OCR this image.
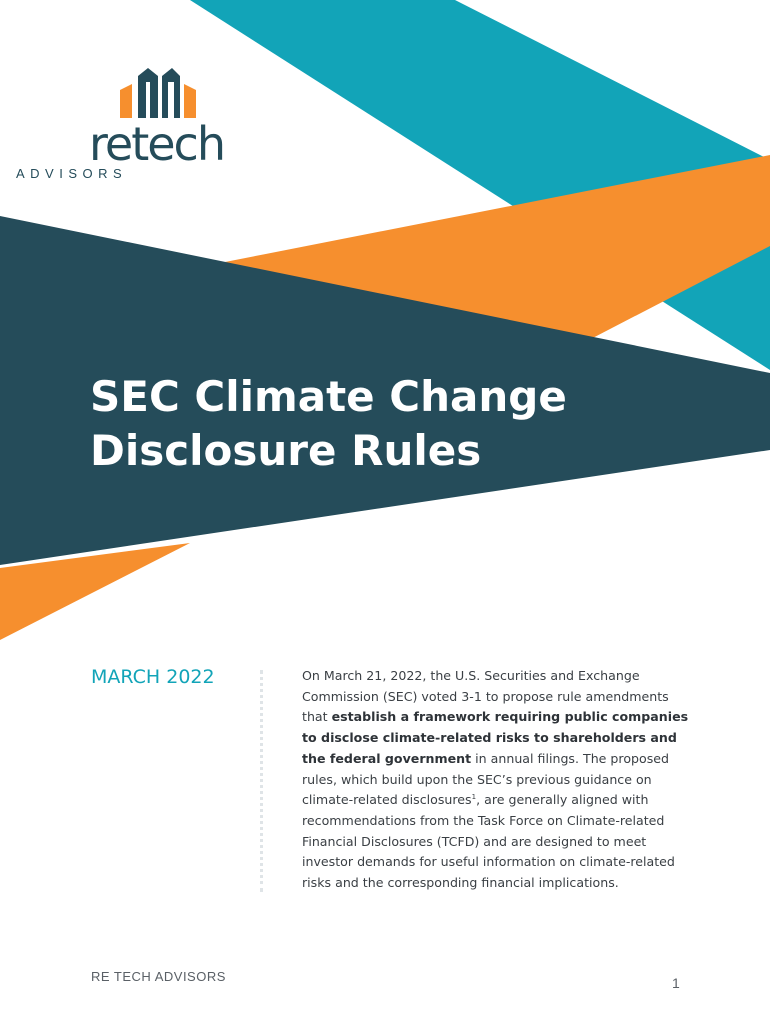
retech
ADVISORS
SEC Climate Change
Disclosure Rules
MARCH 2022	On March 21, 2022, the U.S. Securities and Exchange Commission (SEC) voted 3-1 to propose rule amendments that establish a framework requiring public companies to disclose climate-related risks to shareholders and the federal government in annual filings. The proposed rules, which build upon the SEC’s previous guidance on climate-related disclosures$^1$, are generally aligned with recommendations from the Task Force on Climate-related Financial Disclosures (TCFD) and are designed to meet investor demands for useful information on climate-related risks and the corresponding financial implications.

RE TECH ADVISORS	1
